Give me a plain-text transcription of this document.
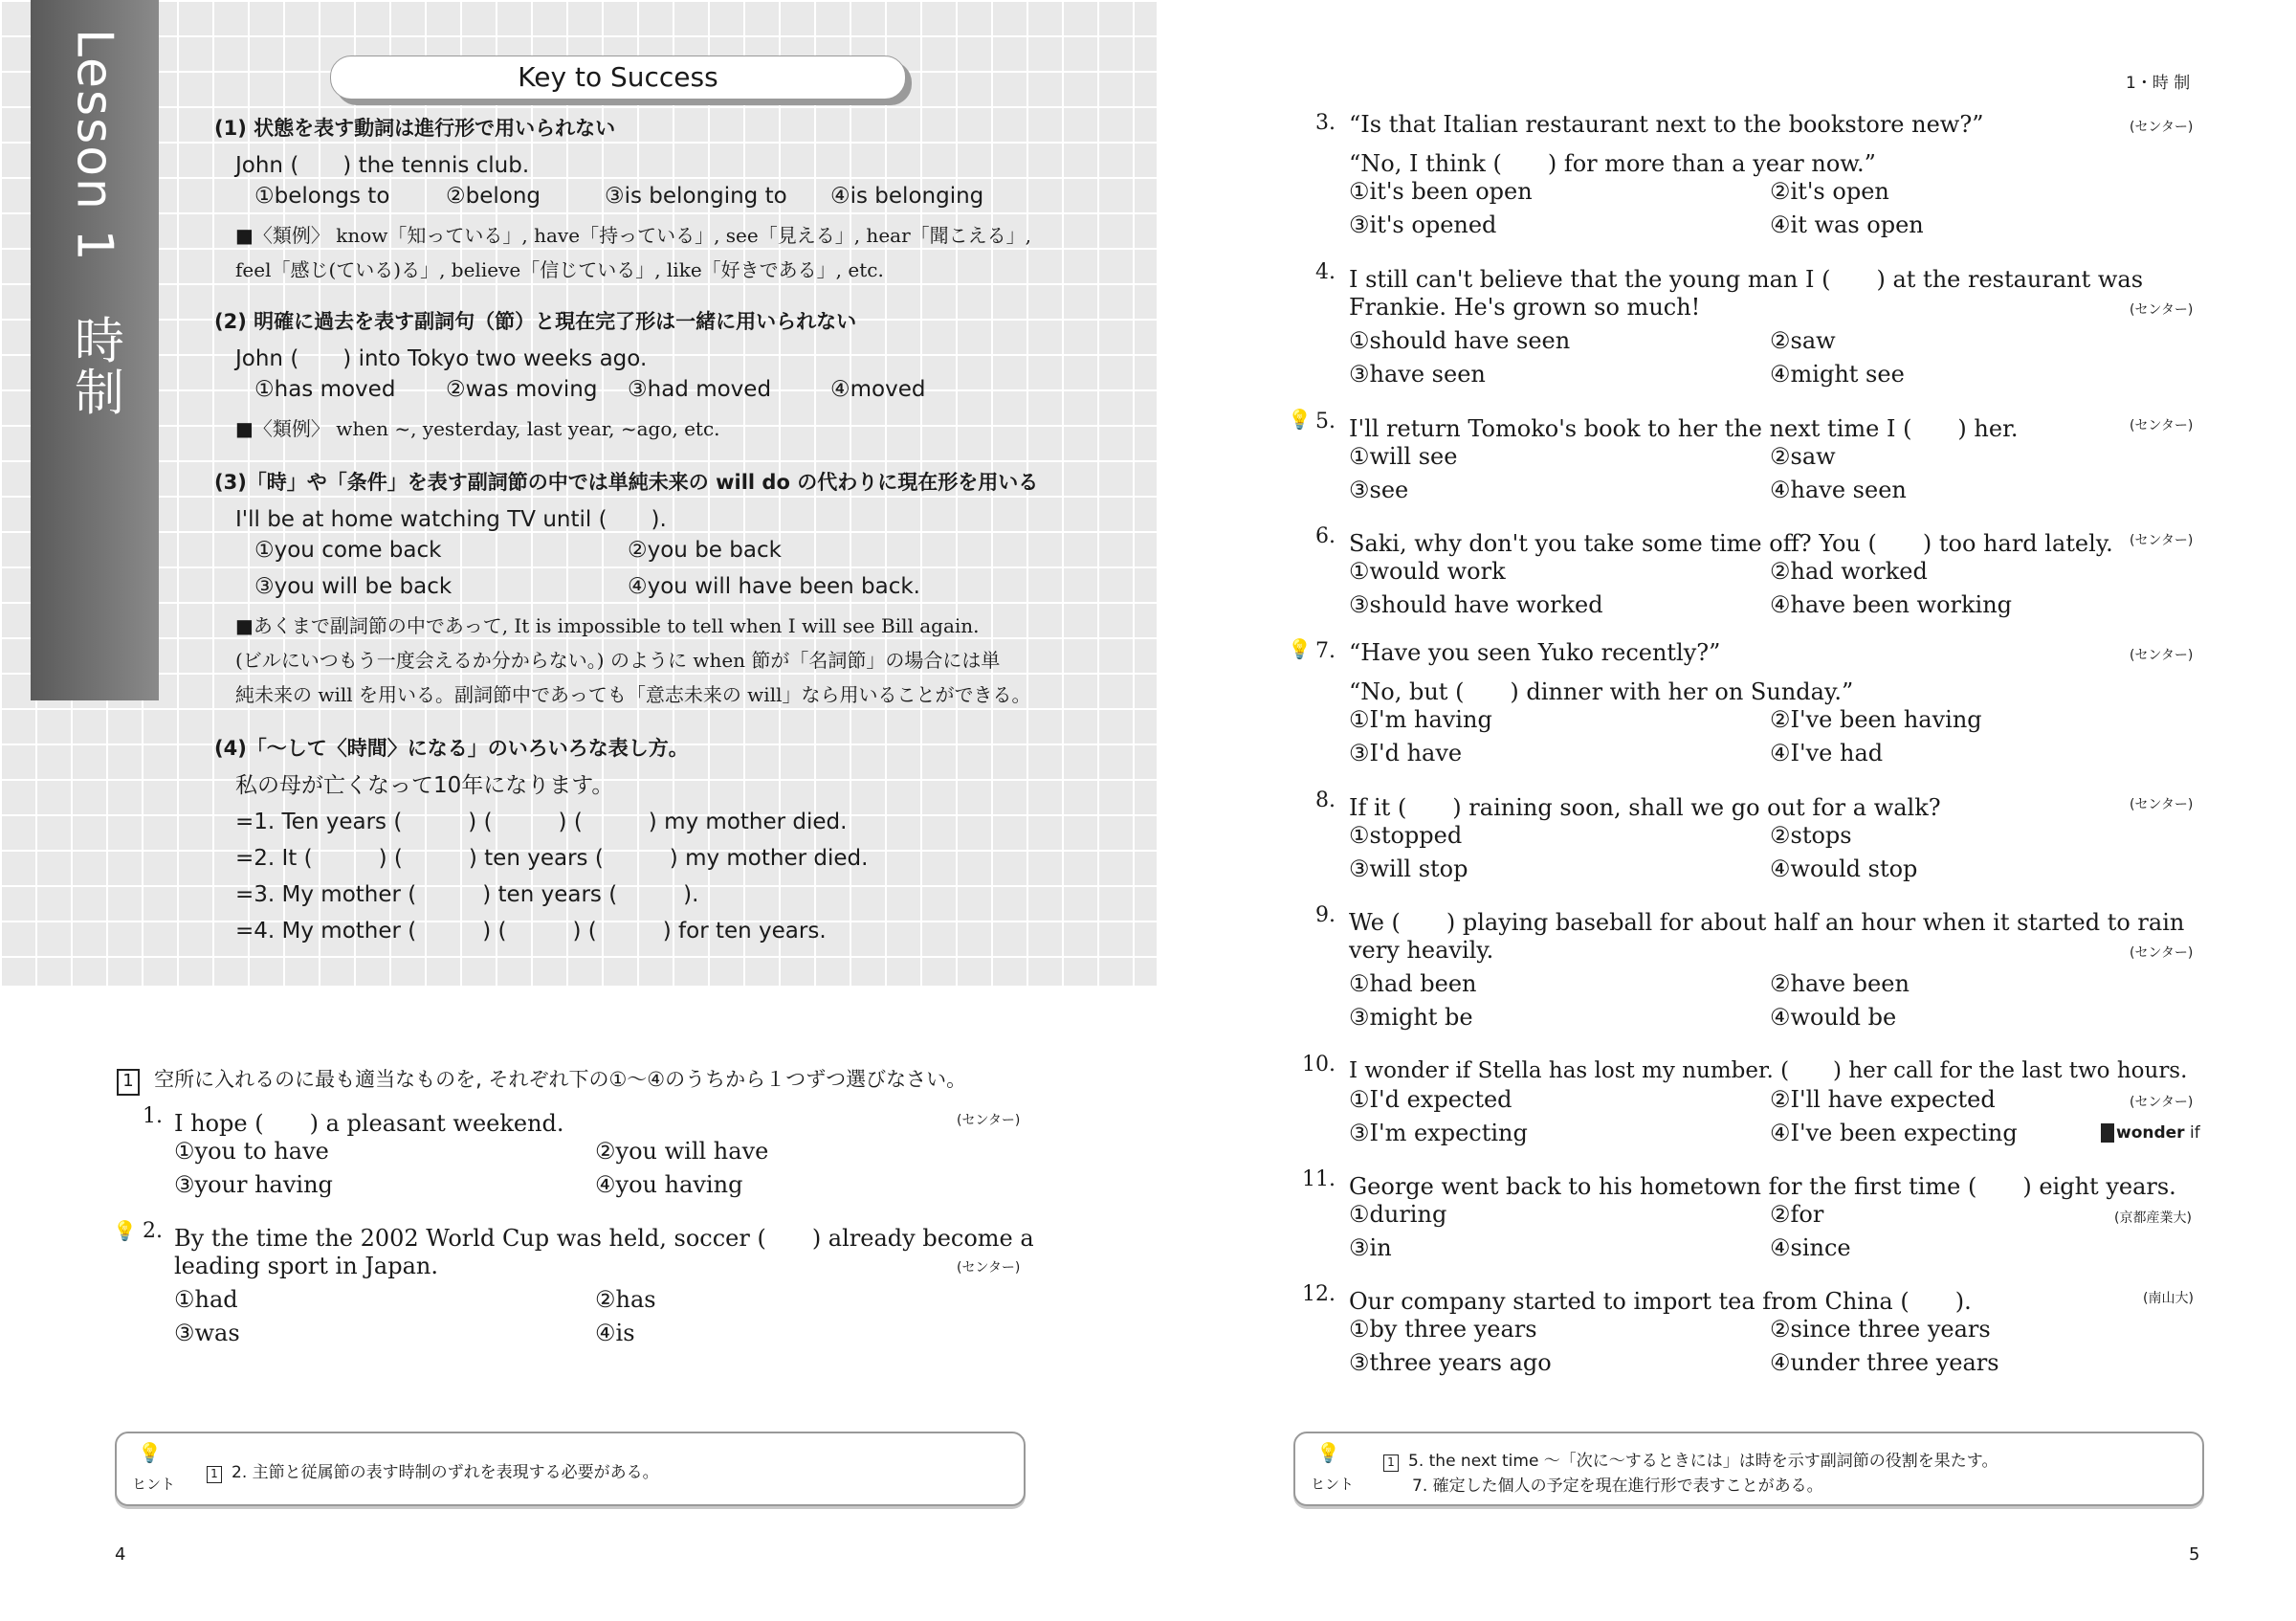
Lesson 1　時制	Key to Success
(1) 状態を表す動詞は進行形で用いられない
John (　　) the tennis club.
①belongs to	②belong	③is belonging to ④is belonging
■〈類例〉 know「知っている」, have「持っている」, see「見える」, hear「聞こえる」,
feel「感じ(ている)る」, believe「信じている」, like「好きである」, etc.
(2) 明確に過去を表す副詞句（節）と現在完了形は一緒に用いられない
John (　　) into Tokyo two weeks ago.
①has moved ②was moving ③had moved	④moved
■〈類例〉 when ~, yesterday, last year, ~ago, etc.
(3)「時」や「条件」を表す副詞節の中では単純未来の will do の代わりに現在形を用いる
I'll be at home watching TV until (　　).
①you come back	②you be back
③you will be back	④you will have been back.
■あくまで副詞節の中であって, It is impossible to tell when I will see Bill again.
(ビルにいつもう一度会えるか分からない。) のように when 節が「名詞節」の場合には単
純未来の will を用いる。副詞節中であっても「意志未来の will」なら用いることができる。
(4)「～して〈時間〉になる」のいろいろな表し方。
私の母が亡くなって10年になります。
=1. Ten years (　　　) (　　　) (　　　) my mother died.
=2. It (　　　) (　　　) ten years (　　　) my mother died.
=3. My mother (　　　) ten years (　　　).
=4. My mother (　　　) (　　　) (　　　) for ten years.
1 空所に入れるのに最も適当なものを, それぞれ下の①～④のうちから１つずつ選びなさい。
1. I hope (　　) a pleasant weekend.	(センター)
①you to have	②you will have
③your having	④you having
💡 2. By the time the 2002 World Cup was held, soccer (　　) already become a
leading sport in Japan.	(センター)
①had	②has
③was	④is
💡
ヒント
1 2. 主節と従属節の表す時制のずれを表現する必要がある。
4
1・時 制
3. “Is that Italian restaurant next to the bookstore new?”	(センター)
“No, I think (　　) for more than a year now.”
①it's been open	②it's open
③it's opened	④it was open
4. I still can't believe that the young man I (　　) at the restaurant was
Frankie. He's grown so much!	(センター)
①should have seen	②saw
③have seen	④might see
💡 5. I'll return Tomoko's book to her the next time I (　　) her.	(センター)
①will see	②saw
③see	④have seen
6. Saki, why don't you take some time off? You (　　) too hard lately. (センター)
①would work	②had worked
③should have worked	④have been working
💡 7. “Have you seen Yuko recently?”	(センター)
“No, but (　　) dinner with her on Sunday.”
①I'm having	②I've been having
③I'd have	④I've had
8. If it (　　) raining soon, shall we go out for a walk?	(センター)
①stopped	②stops
③will stop	④would stop
9. We (　　) playing baseball for about half an hour when it started to rain
very heavily.	(センター)
①had been	②have been
③might be	④would be
10. I wonder if Stella has lost my number. (　　) her call for the last two hours.
(センター)
①I'd expected	②I'll have expected
③I'm expecting	④I've been expecting	wonder if
11. George went back to his hometown for the first time (　　) eight years.
(京都産業大)
①during	②for
③in	④since
12. Our company started to import tea from China (　　).	(南山大)
①by three years	②since three years
③three years ago	④under three years
💡
ヒント
1 5. the next time ～「次に～するときには」は時を示す副詞節の役割を果たす。
7. 確定した個人の予定を現在進行形で表すことがある。
5
